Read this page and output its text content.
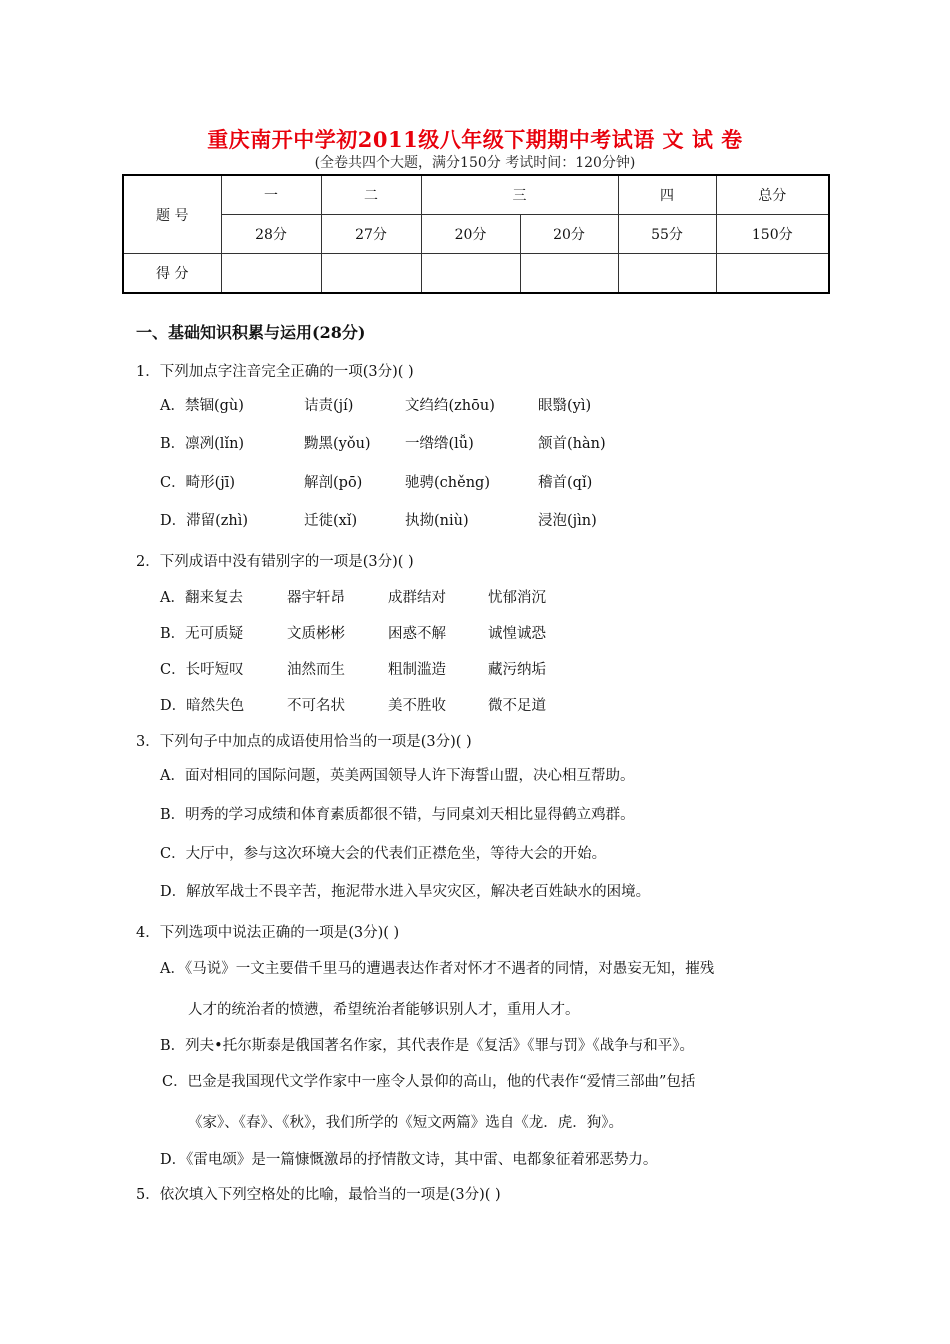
重庆南开中学初2011级八年级下期期中考试语 文 试 卷
(全卷共四个大题，满分150分 考试时间：120分钟)
题 号	一	二	三		四	总分
	28分	27分	20分	20分	55分	150分
得 分						
一、基础知识积累与运用(28分)
1．下列加点字注音完全正确的一项(3分)( )
A．禁锢(gù)	诘责(jí)	文绉绉(zhōu)	眼翳(yì)
B．凛冽(lǐn)	黝黑(yǒu) 一绺绺(lǚ)	颔首(hàn)
C．畸形(jī)	解剖(pō)	驰骋(chěng)	稽首(qǐ)
D．滞留(zhì)	迁徙(xǐ)	执拗(niù)	浸泡(jìn)
2．下列成语中没有错别字的一项是(3分)( )
A．翻来复去	器宇轩昂	成群结对	忧郁消沉
B．无可质疑	文质彬彬	困惑不解	诚惶诚恐
C．长吁短叹	油然而生	粗制滥造	藏污纳垢
D．暗然失色	不可名状	美不胜收	微不足道
3．下列句子中加点的成语使用恰当的一项是(3分)( )
A．面对相同的国际问题，英美两国领导人许下海誓山盟，决心相互帮助。
B．明秀的学习成绩和体育素质都很不错，与同桌刘天相比显得鹤立鸡群。
C．大厅中，参与这次环境大会的代表们正襟危坐，等待大会的开始。
D．解放军战士不畏辛苦，拖泥带水进入旱灾灾区，解决老百姓缺水的困境。
4．下列选项中说法正确的一项是(3分)( )
A．《马说》一文主要借千里马的遭遇表达作者对怀才不遇者的同情，对愚妄无知，摧残
人才的统治者的愤懑，希望统治者能够识别人才，重用人才。
B．列夫•托尔斯泰是俄国著名作家，其代表作是《复活》《罪与罚》《战争与和平》。
C．巴金是我国现代文学作家中一座令人景仰的高山，他的代表作“爱情三部曲”包括
《家》、《春》、《秋》，我们所学的《短文两篇》选自《龙．虎．狗》。
D．《雷电颂》是一篇慷慨激昂的抒情散文诗，其中雷、电都象征着邪恶势力。
5．依次填入下列空格处的比喻，最恰当的一项是(3分)( )
